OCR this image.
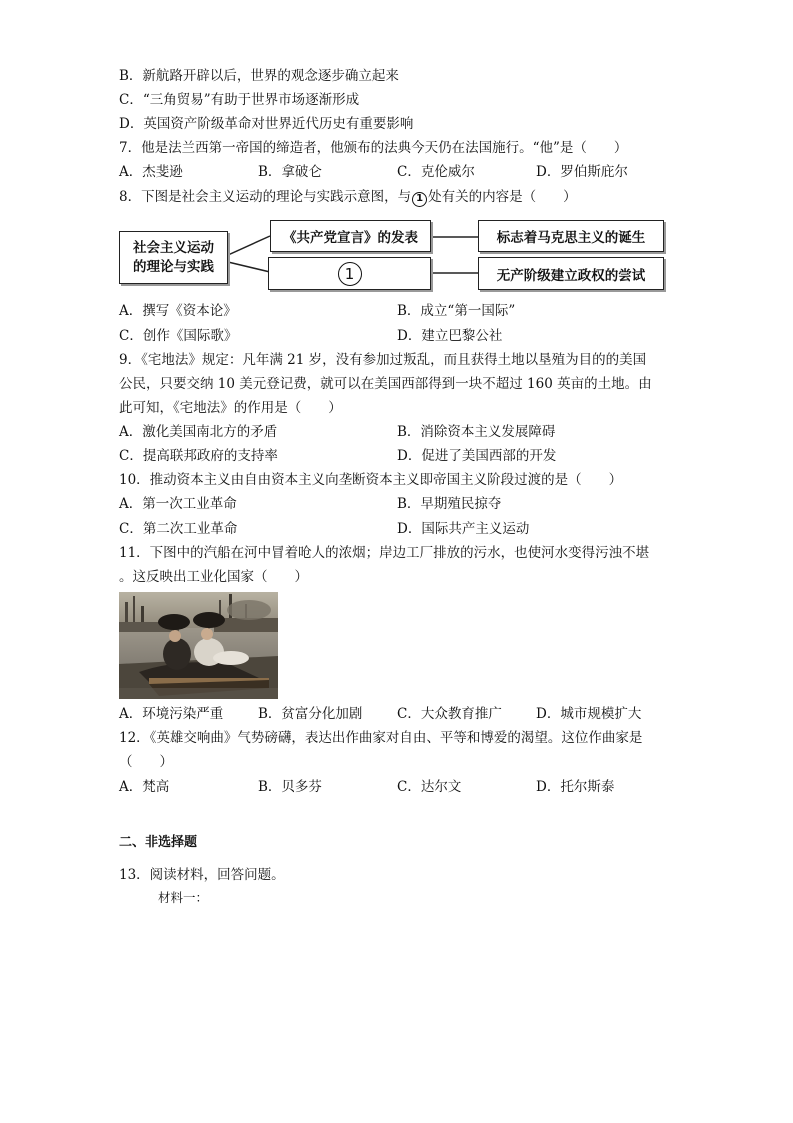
B．新航路开辟以后，世界的观念逐步确立起来

C．“三角贸易”有助于世界市场逐渐形成

D．英国资产阶级革命对世界近代历史有重要影响

7．他是法兰西第一帝国的缔造者，他颁布的法典今天仍在法国施行。“他”是（　　）

A．杰斐逊	B．拿破仑	C．克伦威尔	D．罗伯斯庇尔

8．下图是社会主义运动的理论与实践示意图，与 1 处有关的内容是（　　）

社会主义运动
的理论与实践
《共产党宣言》的发表	标志着马克思主义的诞生
1	无产阶级建立政权的尝试
A．撰写《资本论》	B．成立“第一国际”
C．创作《国际歌》	D．建立巴黎公社

9．《宅地法》规定：凡年满 21 岁，没有参加过叛乱，而且获得土地以垦殖为目的的美国

公民，只要交纳 10 美元登记费，就可以在美国西部得到一块不超过 160 英亩的土地。由

此可知，《宅地法》的作用是（　　）

A．激化美国南北方的矛盾	B．消除资本主义发展障碍
C．提高联邦政府的支持率	D．促进了美国西部的开发

10．推动资本主义由自由资本主义向垄断资本主义即帝国主义阶段过渡的是（　　）

A．第一次工业革命	B．早期殖民掠夺
C．第二次工业革命	D．国际共产主义运动

11．下图中的汽船在河中冒着呛人的浓烟；岸边工厂排放的污水，也使河水变得污浊不堪

。这反映出工业化国家（　　）

A．环境污染严重	B．贫富分化加剧	C．大众教育推广	D．城市规模扩大

12．《英雄交响曲》气势磅礴，表达出作曲家对自由、平等和博爱的渴望。这位作曲家是

（　　）

A．梵高	B．贝多芬	C．达尔文	D．托尔斯泰

二、非选择题

13．阅读材料，回答问题。

材料一：
